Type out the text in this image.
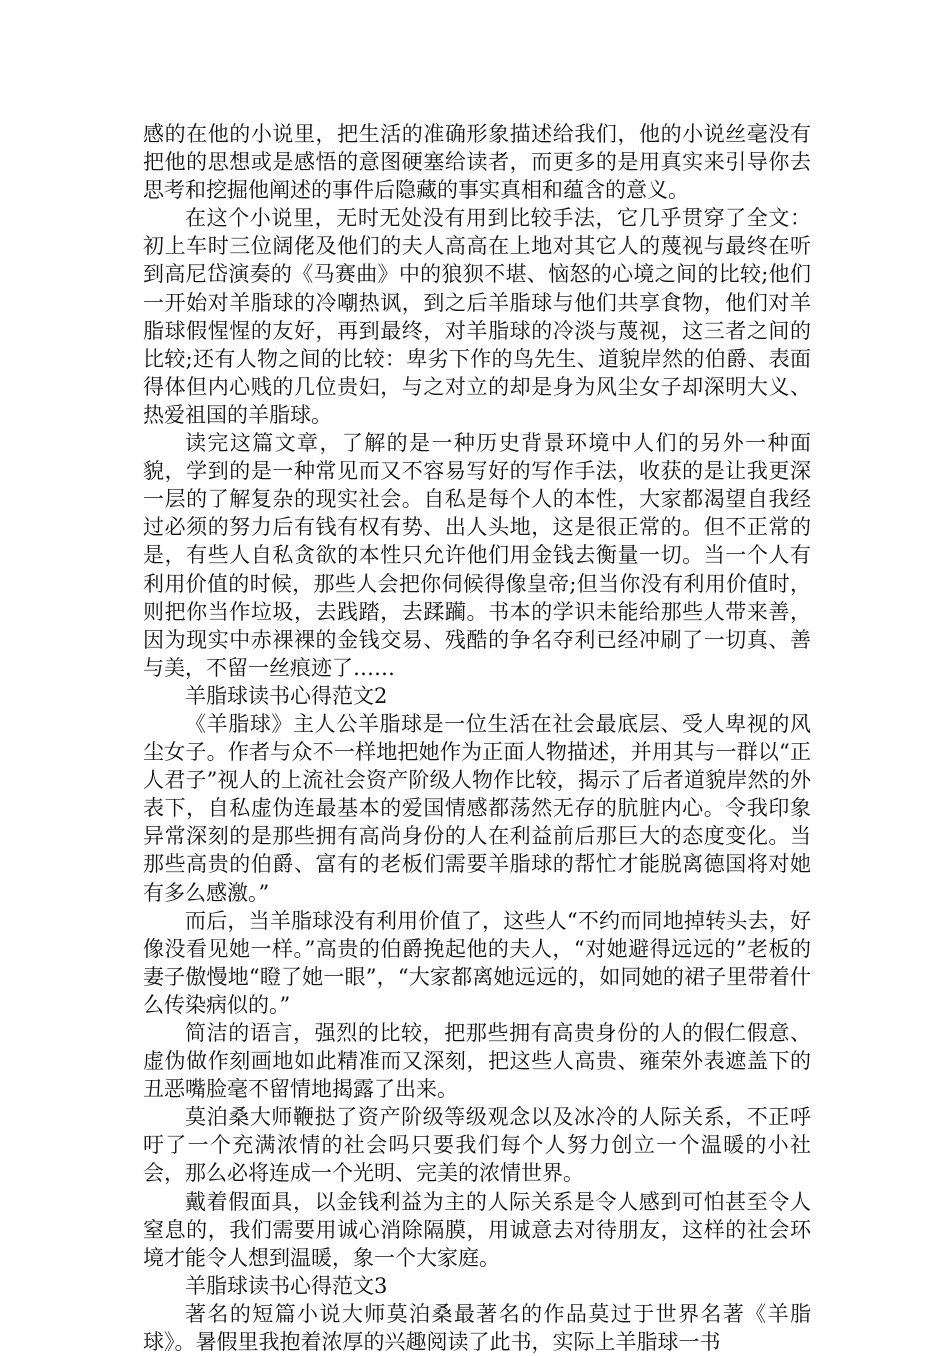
感的在他的小说里，把生活的准确形象描述给我们，他的小说丝毫没有把他的思想或是感悟的意图硬塞给读者，而更多的是用真实来引导你去思考和挖掘他阐述的事件后隐藏的事实真相和蕴含的意义。

在这个小说里，无时无处没有用到比较手法，它几乎贯穿了全文：初上车时三位阔佬及他们的夫人高高在上地对其它人的蔑视与最终在听到高尼岱演奏的《马赛曲》中的狼狈不堪、恼怒的心境之间的比较;他们一开始对羊脂球的冷嘲热讽，到之后羊脂球与他们共享食物，他们对羊脂球假惺惺的友好，再到最终，对羊脂球的冷淡与蔑视，这三者之间的比较;还有人物之间的比较：卑劣下作的鸟先生、道貌岸然的伯爵、表面得体但内心贱的几位贵妇，与之对立的却是身为风尘女子却深明大义、热爱祖国的羊脂球。

读完这篇文章，了解的是一种历史背景环境中人们的另外一种面貌，学到的是一种常见而又不容易写好的写作手法，收获的是让我更深一层的了解复杂的现实社会。自私是每个人的本性，大家都渴望自我经过必须的努力后有钱有权有势、出人头地，这是很正常的。但不正常的是，有些人自私贪欲的本性只允许他们用金钱去衡量一切。当一个人有利用价值的时候，那些人会把你伺候得像皇帝;但当你没有利用价值时，则把你当作垃圾，去践踏，去蹂躏。书本的学识未能给那些人带来善，因为现实中赤裸裸的金钱交易、残酷的争名夺利已经冲刷了一切真、善与美，不留一丝痕迹了……

羊脂球读书心得范文2

《羊脂球》主人公羊脂球是一位生活在社会最底层、受人卑视的风尘女子。作者与众不一样地把她作为正面人物描述，并用其与一群以“正人君子”视人的上流社会资产阶级人物作比较，揭示了后者道貌岸然的外表下，自私虚伪连最基本的爱国情感都荡然无存的肮脏内心。令我印象异常深刻的是那些拥有高尚身份的人在利益前后那巨大的态度变化。当那些高贵的伯爵、富有的老板们需要羊脂球的帮忙才能脱离德国将对她有多么感激。”

而后，当羊脂球没有利用价值了，这些人“不约而同地掉转头去，好像没看见她一样。”高贵的伯爵挽起他的夫人，“对她避得远远的”老板的妻子傲慢地“瞪了她一眼”，“大家都离她远远的，如同她的裙子里带着什么传染病似的。”

简洁的语言，强烈的比较，把那些拥有高贵身份的人的假仁假意、虚伪做作刻画地如此精准而又深刻，把这些人高贵、雍荣外表遮盖下的丑恶嘴脸毫不留情地揭露了出来。

莫泊桑大师鞭挞了资产阶级等级观念以及冰冷的人际关系，不正呼吁了一个充满浓情的社会吗只要我们每个人努力创立一个温暖的小社会，那么必将连成一个光明、完美的浓情世界。

戴着假面具，以金钱利益为主的人际关系是令人感到可怕甚至令人窒息的，我们需要用诚心消除隔膜，用诚意去对待朋友，这样的社会环境才能令人想到温暖，象一个大家庭。

羊脂球读书心得范文3

著名的短篇小说大师莫泊桑最著名的作品莫过于世界名著《羊脂球》。暑假里我抱着浓厚的兴趣阅读了此书，实际上羊脂球一书
